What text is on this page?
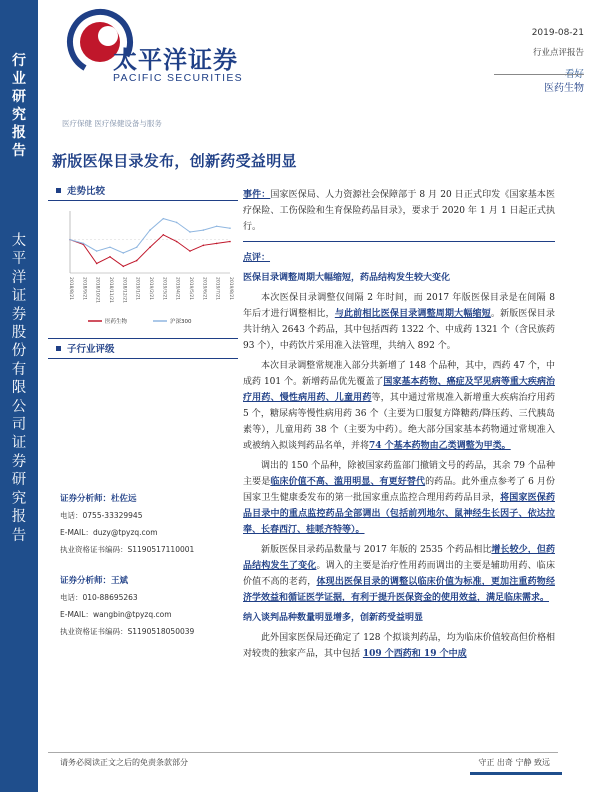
行
业
研
究
报
告
太
平
洋
证
券
股
份
有
限
公
司
证
券
研
究
报
告
太平洋证券
PACIFIC SECURITIES
2019-08-21
行业点评报告
医药生物
医疗保健 医疗保健设备与服务
新版医保目录发布，创新药受益明显
走势比较
2018/8/21 2018/9/21 2018/10/21 2018/11/21 2018/12/21 2019/1/21 2019/2/21 2019/3/21 2019/4/21 2019/5/21 2019/6/21 2019/7/21 2019/8/21
医药生物	沪深300
子行业评级
证券分析师：杜佐远
电话：0755-33329945
E-MAIL：duzy@tpyzq.com
执业资格证书编码：S1190517110001
证券分析师：王斌
电话：010-88695263
E-MAIL：wangbin@tpyzq.com
执业资格证书编码：S1190518050039
事件：国家医保局、人力资源社会保障部于 8 月 20 日正式印发《国家基本医疗保险、工伤保险和生育保险药品目录》，要求于 2020 年 1 月 1 日起正式执行。
点评：
医保目录调整周期大幅缩短，药品结构发生较大变化
本次医保目录调整仅间隔 2 年时间，而 2017 年版医保目录是在间隔 8 年后才进行调整相比，与此前相比医保目录调整周期大幅缩短。新版医保目录共计纳入 2643 个药品，其中包括西药 1322 个、中成药 1321 个（含民族药 93 个），中药饮片采用准入法管理，共纳入 892 个。
本次目录调整常规准入部分共新增了 148 个品种，其中，西药 47 个，中成药 101 个。新增药品优先覆盖了国家基本药物、癌症及罕见病等重大疾病治疗用药、慢性病用药、儿童用药等，其中通过常规准入新增重大疾病治疗用药 5 个，糖尿病等慢性病用药 36 个（主要为口服复方降糖药/降压药、三代胰岛素等），儿童用药 38 个（主要为中药）。绝大部分国家基本药物通过常规准入或被纳入拟谈判药品名单，并将74 个基本药物由乙类调整为甲类。
调出的 150 个品种，除被国家药监部门撤销文号的药品，其余 79 个品种主要是临床价值不高、滥用明显、有更好替代的药品。此外重点参考了 6 月份国家卫生健康委发布的第一批国家重点监控合理用药药品目录，将国家医保药品目录中的重点监控药品全部调出（包括前列地尔、鼠神经生长因子、依达拉奉、长春西汀、桂哌齐特等）。
新版医保目录药品数量与 2017 年版的 2535 个药品相比增长较少，但药品结构发生了变化。调入的主要是治疗性用药而调出的主要是辅助用药、临床价值不高的老药，体现出医保目录的调整以临床价值为标准，更加注重药物经济学效益和循证医学证据，有利于提升医保资金的使用效益，满足临床需求。
纳入谈判品种数量明显增多，创新药受益明显
此外国家医保局还确定了 128 个拟谈判药品，均为临床价值较高但价格相对较贵的独家产品，其中包括 109 个西药和 19 个中成
请务必阅读正文之后的免责条款部分	守正 出奇 宁静 致远
